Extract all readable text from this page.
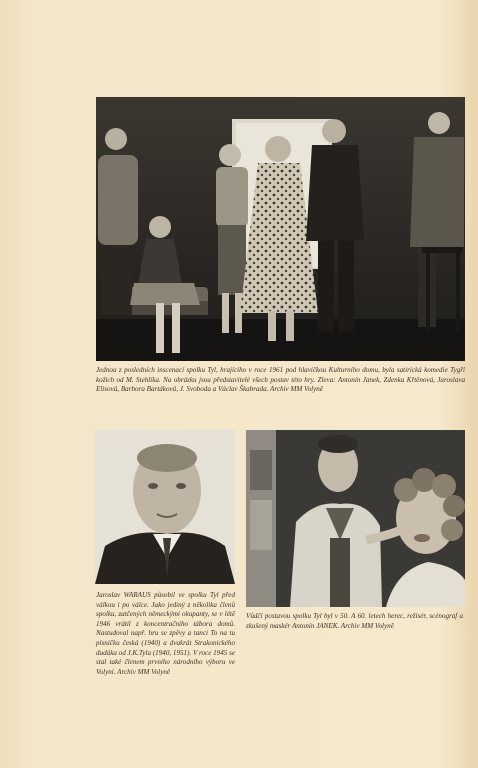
Jednou z posledních inscenací spolku Tyl, hrajícího v roce 1961 pod hlavičkou Kulturního domu, byla satirická komedie Tygří kožich od M. Stehlíka. Na obrázku jsou představitelé všech postav této hry. Zleva: Antonín Janek, Zdenka Křtěnová, Jaroslava Elisová, Barbora Bartáková, J. Svoboda a Václav Škabrada. Archiv MM Volyně

Jaroslav WARAUS působil ve spolku Tyl před válkou i po válce. Jako jediný z několika členů spolku, zatčených německými okupanty, se v létě 1946 vrátil z koncentračního tábora domů. Nastudoval např. hru se zpěvy a tanci To na tu písničku česká (1940) a dvakrát Strakonického dudáka od J.K.Tyla (1940, 1951). V roce 1945 se stal také členem prvního národního výboru ve Volyni. Archiv MM Volyně

Vůdčí postavou spolku Tyl byl v 50. A 60. letech herec, režisér, scénograf a zkušený maskér Antonín JANEK. Archiv MM Volyně
